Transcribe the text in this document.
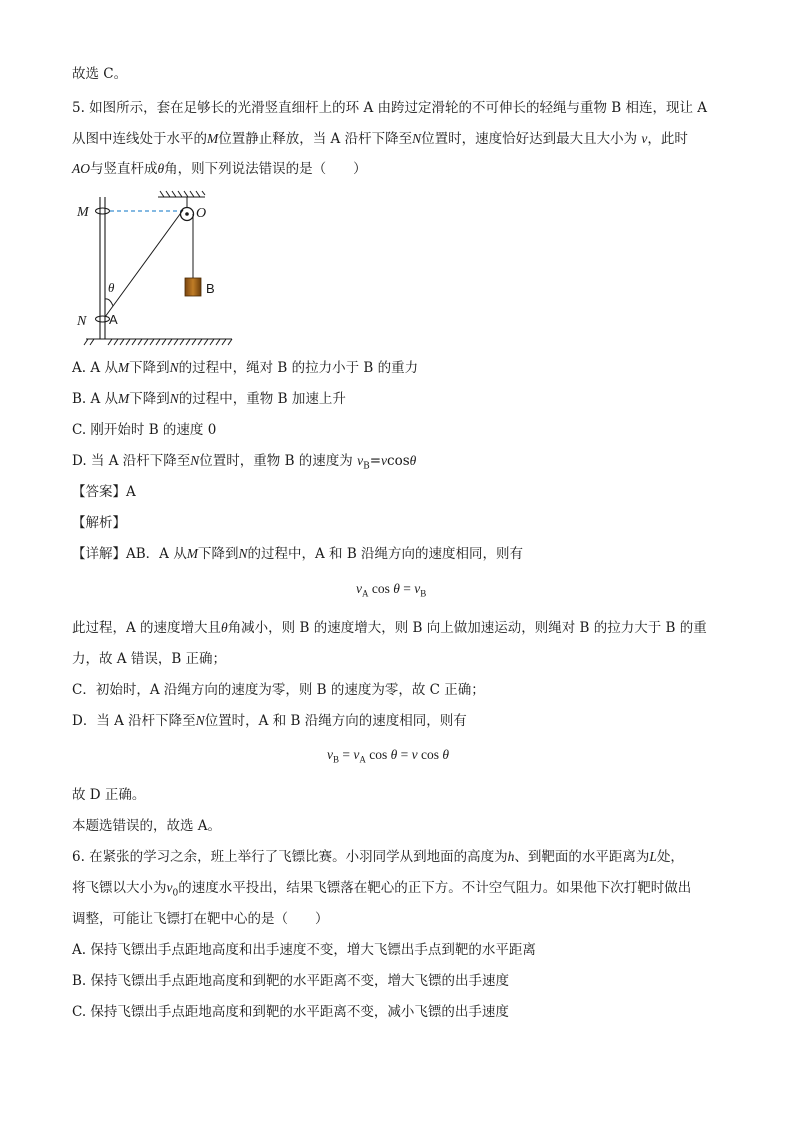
故选 C。
5. 如图所示，套在足够长的光滑竖直细杆上的环 A 由跨过定滑轮的不可伸长的轻绳与重物 B 相连，现让 A
从图中连线处于水平的M位置静止释放，当 A 沿杆下降至N位置时，速度恰好达到最大且大小为 v，此时
AO与竖直杆成θ角，则下列说法错误的是（　　）
M	O
θ	B
N A
A. A 从M下降到N的过程中，绳对 B 的拉力小于 B 的重力
B. A 从M下降到N的过程中，重物 B 加速上升
C. 刚开始时 B 的速度 0
D. 当 A 沿杆下降至N位置时，重物 B 的速度为 $v_B=vcos\theta$
【答案】A
【解析】
【详解】AB．A 从M下降到N的过程中，A 和 B 沿绳方向的速度相同，则有
$v_A$ $\cos \theta = v_B$
此过程，A 的速度增大且θ角减小，则 B 的速度增大，则 B 向上做加速运动，则绳对 B 的拉力大于 B 的重
力，故 A 错误，B 正确；
C．初始时，A 沿绳方向的速度为零，则 B 的速度为零，故 C 正确；
D．当 A 沿杆下降至N位置时，A 和 B 沿绳方向的速度相同，则有
$v_B = v_A$ cos θ = v cos θ
故 D 正确。
本题选错误的，故选 A。
6. 在紧张的学习之余，班上举行了飞镖比赛。小羽同学从到地面的高度为h、到靶面的水平距离为L处，
将飞镖以大小为$v_0$的速度水平投出，结果飞镖落在靶心的正下方。不计空气阻力。如果他下次打靶时做出
调整，可能让飞镖打在靶中心的是（　　）
A. 保持飞镖出手点距地高度和出手速度不变，增大飞镖出手点到靶的水平距离
B. 保持飞镖出手点距地高度和到靶的水平距离不变，增大飞镖的出手速度
C. 保持飞镖出手点距地高度和到靶的水平距离不变，减小飞镖的出手速度
